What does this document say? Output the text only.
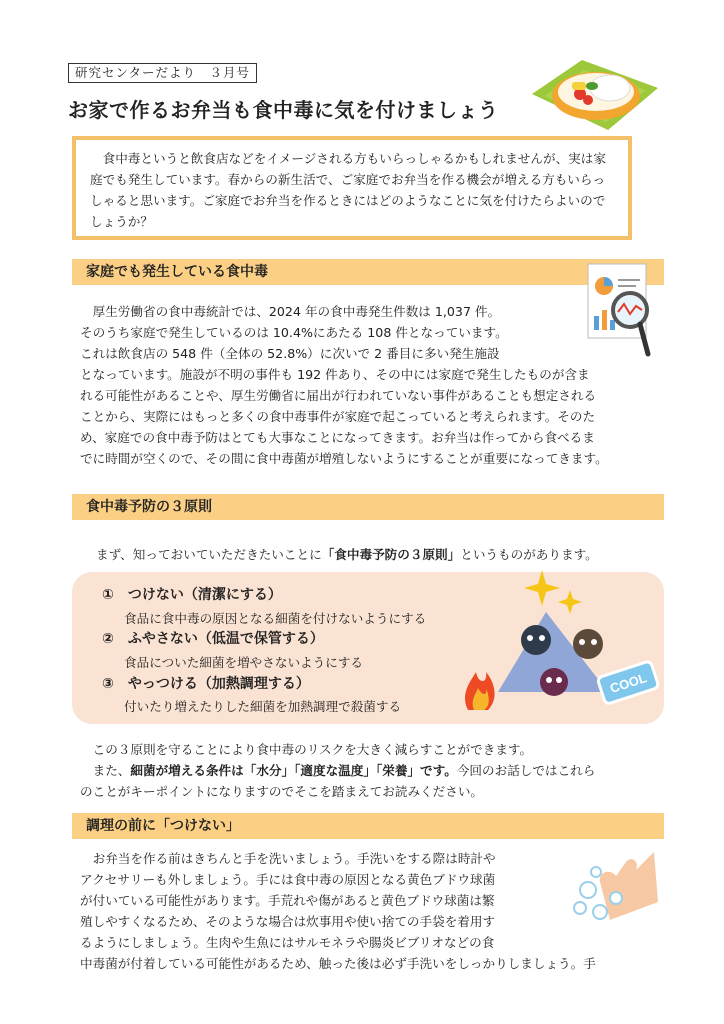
研究センターだより　３月号
お家で作るお弁当も食中毒に気を付けましょう
　食中毒というと飲食店などをイメージされる方もいらっしゃるかもしれませんが、実は家庭でも発生しています。春からの新生活で、ご家庭でお弁当を作る機会が増える方もいらっしゃると思います。ご家庭でお弁当を作るときにはどのようなことに気を付けたらよいのでしょうか？
家庭でも発生している食中毒
　厚生労働省の食中毒統計では、2024 年の食中毒発生件数は 1,037 件。
そのうち家庭で発生しているのは 10.4%にあたる 108 件となっています。
これは飲食店の 548 件（全体の 52.8%）に次いで 2 番目に多い発生施設
となっています。施設が不明の事件も 192 件あり、その中には家庭で発生したものが含ま
れる可能性があることや、厚生労働省に届出が行われていない事件があることも想定される
ことから、実際にはもっと多くの食中毒事件が家庭で起こっていると考えられます。そのた
め、家庭での食中毒予防はとても大事なことになってきます。お弁当は作ってから食べるま
でに時間が空くので、その間に食中毒菌が増殖しないようにすることが重要になってきます。
食中毒予防の３原則
まず、知っておいていただきたいことに「食中毒予防の３原則」というものがあります。
①　つけない（清潔にする）
食品に食中毒の原因となる細菌を付けないようにする
②　ふやさない（低温で保管する）
食品についた細菌を増やさないようにする
③　やっつける（加熱調理する）
付いたり増えたりした細菌を加熱調理で殺菌する
COOL
　この３原則を守ることにより食中毒のリスクを大きく減らすことができます。
　また、細菌が増える条件は「水分」「適度な温度」「栄養」です。今回のお話しではこれら
のことがキーポイントになりますのでそこを踏まえてお読みください。
調理の前に「つけない」
　お弁当を作る前はきちんと手を洗いましょう。手洗いをする際は時計や
アクセサリーも外しましょう。手には食中毒の原因となる黄色ブドウ球菌
が付いている可能性があります。手荒れや傷があると黄色ブドウ球菌は繁
殖しやすくなるため、そのような場合は炊事用や使い捨ての手袋を着用す
るようにしましょう。生肉や生魚にはサルモネラや腸炎ビブリオなどの食
中毒菌が付着している可能性があるため、触った後は必ず手洗いをしっかりしましょう。手
